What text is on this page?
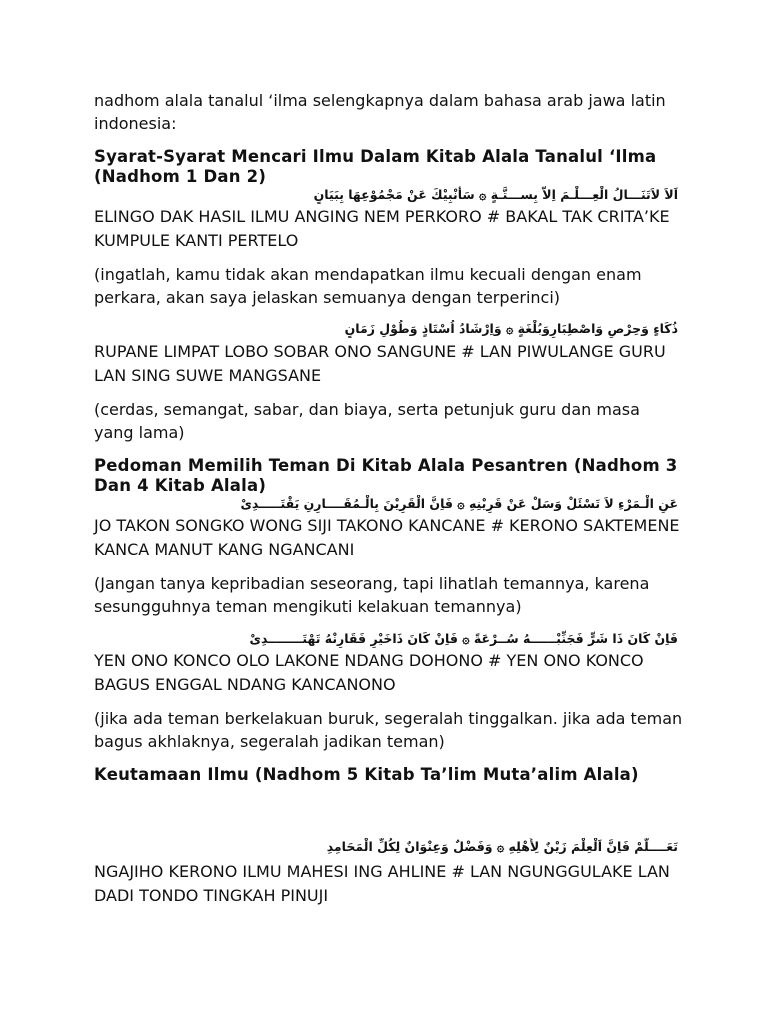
nadhom alala tanalul ‘ilma selengkapnya dalam bahasa arab jawa latin indonesia:

Syarat-Syarat Mencari Ilmu Dalam Kitab Alala Tanalul ‘Ilma (Nadhom 1 Dan 2)
اَلاَ لاَتَنَـــالُ الْعِـــلْـمَ اِلاَّ بِســـتَّـةٍ ۞ سَأُنْبِيْكَ عَنْ مَجْمُوْعِهَا بِبَيَانٍ

ELINGO DAK HASIL ILMU ANGING NEM PERKORO # BAKAL TAK CRITA’KE KUMPULE KANTI PERTELO

(ingatlah, kamu tidak akan mendapatkan ilmu kecuali dengan enam perkara, akan saya jelaskan semuanya dengan terperinci)

ذُكَاءٍ وَحِرْصٍ وَاصْطِبَارٍوَبُلْغَةٍ ۞ وَاِرْشَادُ اُسْتَاذٍ وَطُوْلِ زَمَانٍ

RUPANE LIMPAT LOBO SOBAR ONO SANGUNE # LAN PIWULANGE GURU LAN SING SUWE MANGSANE

(cerdas, semangat, sabar, dan biaya, serta petunjuk guru dan masa yang lama)

Pedoman Memilih Teman Di Kitab Alala Pesantren (Nadhom 3 Dan 4 Kitab Alala)
عَنِ الْـمَرْءِ لاَ تَسْئَلْ وَسَلْ عَنْ قَرِيْنِهِ ۞ فَاِنَّ الْقَرِيْنَ بِالْـمُقَــــارِنِ يَقْتَـــــدِىْ

JO TAKON SONGKO WONG SIJI TAKONO KANCANE # KERONO SAKTEMENE KANCA MANUT KANG NGANCANI

(Jangan tanya kepribadian seseorang, tapi lihatlah temannya, karena sesungguhnya teman mengikuti kelakuan temannya)

فَاِنْ كَانَ ذَا شَرٍّ فَجَنِّبْــــــهُ سُــرْعَةً ۞ فَاِنْ كَانَ ذَاخَيْرٍ فَقَارِنْهُ تَهْتَــــــــدِىْ

YEN ONO KONCO OLO LAKONE NDANG DOHONO # YEN ONO KONCO BAGUS ENGGAL NDANG KANCANONO

(jika ada teman berkelakuan buruk, segeralah tinggalkan. jika ada teman bagus akhlaknya, segeralah jadikan teman)

Keutamaan Ilmu (Nadhom 5 Kitab Ta’lim Muta’alim Alala)
تَعَــــلَّمْ فَاِنَّ اَلْعِلْمَ زَيْنٌ لِأَهْلِهِ ۞ وَفَضْلٌ وَعِنْوَانٌ لِكُلِّ الْمَحَامِدِ

NGAJIHO KERONO ILMU MAHESI ING AHLINE # LAN NGUNGGULAKE LAN DADI TONDO TINGKAH PINUJI
